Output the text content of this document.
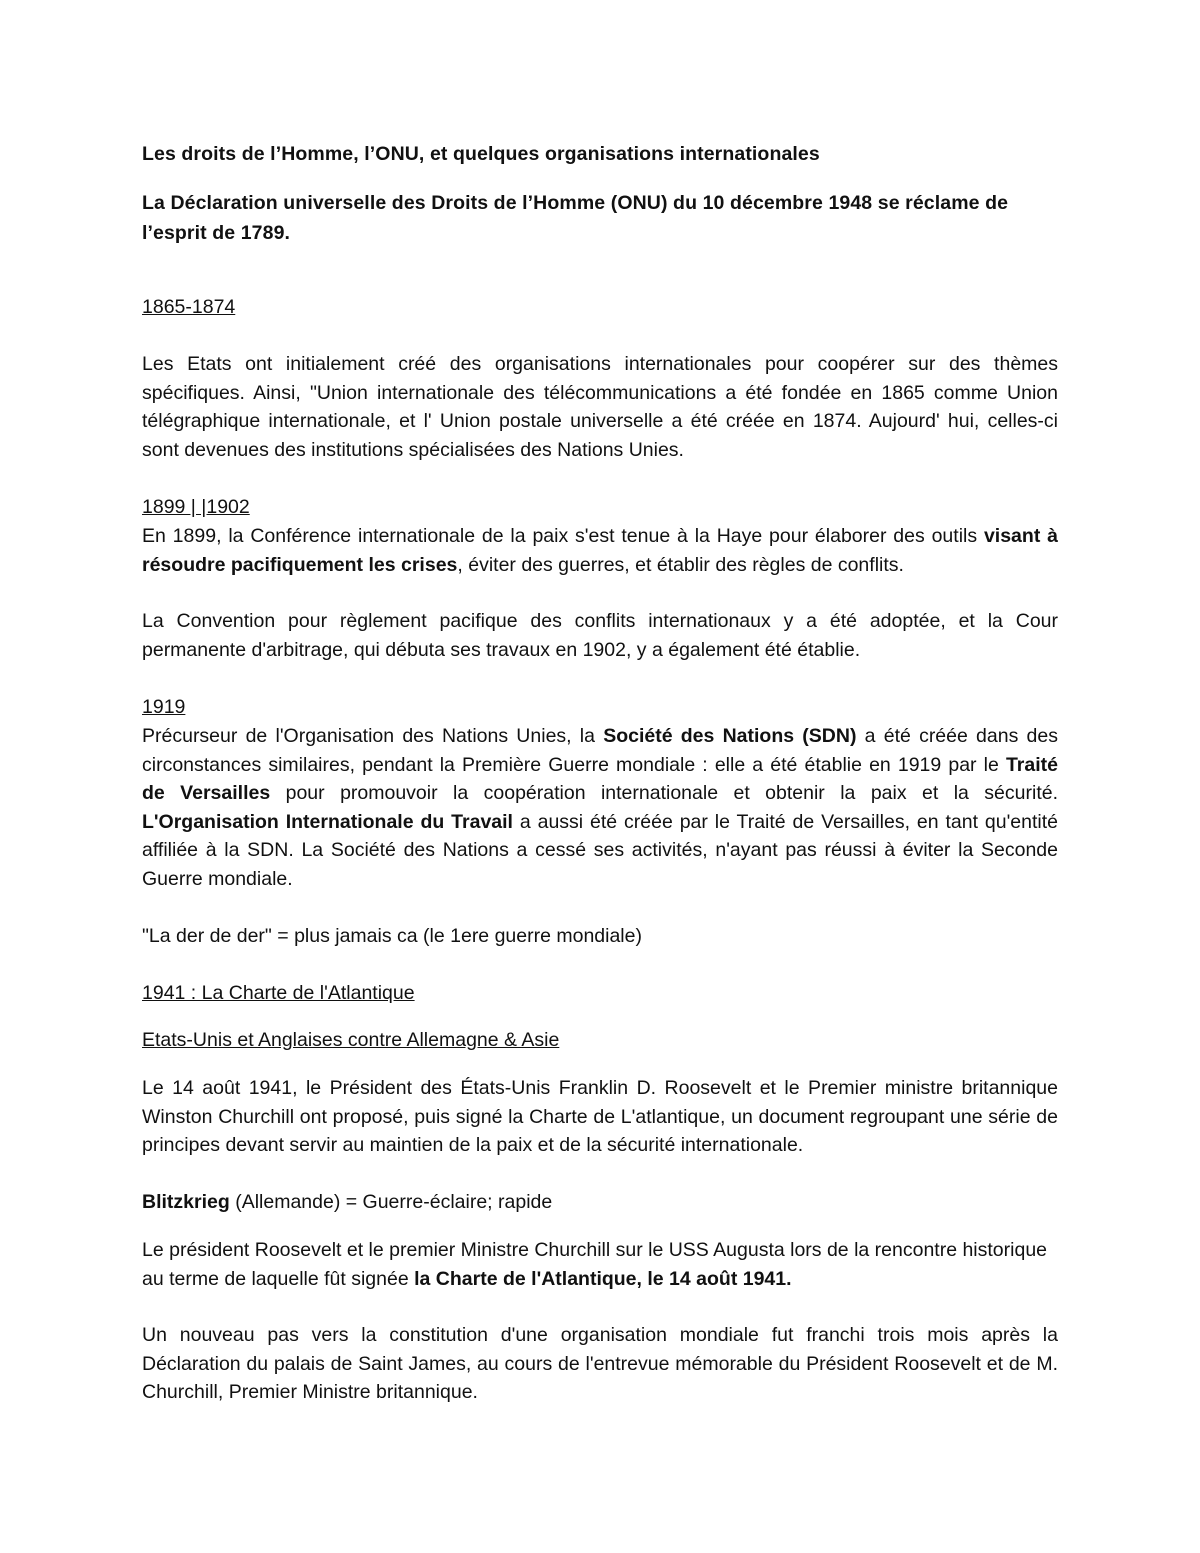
Les droits de l’Homme, l’ONU, et quelques organisations internationales
La Déclaration universelle des Droits de l’Homme (ONU) du 10 décembre 1948 se réclame de l’esprit de 1789.
1865-1874
Les Etats ont initialement créé des organisations internationales pour coopérer sur des thèmes spécifiques. Ainsi, "Union internationale des télécommunications a été fondée en 1865 comme Union télégraphique internationale, et l' Union postale universelle a été créée en 1874. Aujourd' hui, celles-ci sont devenues des institutions spécialisées des Nations Unies.
1899 | |1902
En 1899, la Conférence internationale de la paix s'est tenue à la Haye pour élaborer des outils visant à résoudre pacifiquement les crises, éviter des guerres, et établir des règles de conflits.
La Convention pour règlement pacifique des conflits internationaux y a été adoptée, et la Cour permanente d'arbitrage, qui débuta ses travaux en 1902, y a également été établie.
1919
Précurseur de l'Organisation des Nations Unies, la Société des Nations (SDN) a été créée dans des circonstances similaires, pendant la Première Guerre mondiale : elle a été établie en 1919 par le Traité de Versailles pour promouvoir la coopération internationale et obtenir la paix et la sécurité. L'Organisation Internationale du Travail a aussi été créée par le Traité de Versailles, en tant qu'entité affiliée à la SDN. La Société des Nations a cessé ses activités, n'ayant pas réussi à éviter la Seconde Guerre mondiale.
"La der de der" = plus jamais ca (le 1ere guerre mondiale)
1941 : La Charte de l'Atlantique
Etats-Unis et Anglaises contre Allemagne & Asie
Le 14 août 1941, le Président des États-Unis Franklin D. Roosevelt et le Premier ministre britannique Winston Churchill ont proposé, puis signé la Charte de L'atlantique, un document regroupant une série de principes devant servir au maintien de la paix et de la sécurité internationale.
Blitzkrieg (Allemande) = Guerre-éclaire; rapide
Le président Roosevelt et le premier Ministre Churchill sur le USS Augusta lors de la rencontre historique au terme de laquelle fût signée la Charte de l'Atlantique, le 14 août 1941.
Un nouveau pas vers la constitution d'une organisation mondiale fut franchi trois mois après la Déclaration du palais de Saint James, au cours de l'entrevue mémorable du Président Roosevelt et de M. Churchill, Premier Ministre britannique.
